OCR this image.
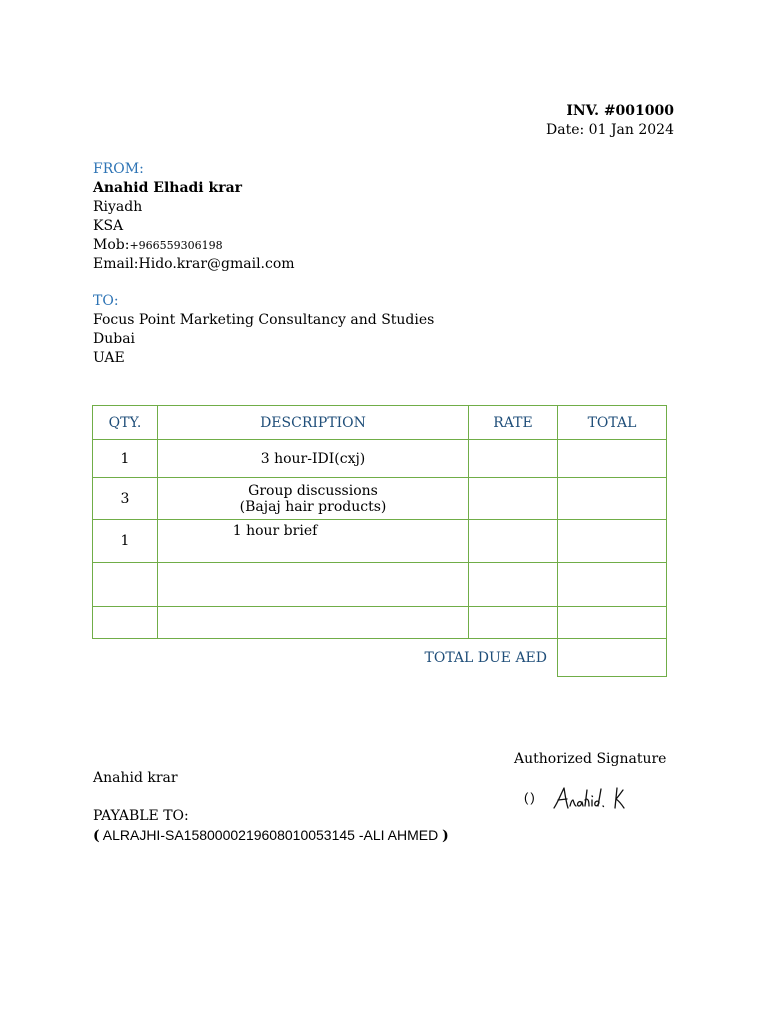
INV. #001000
Date: 01 Jan 2024
FROM:
Anahid Elhadi krar
Riyadh
KSA
Mob:+966559306198
Email:Hido.krar@gmail.com
TO:
Focus Point Marketing Consultancy and Studies
Dubai
UAE
QTY.	DESCRIPTION	RATE	TOTAL
1	3 hour-IDI(cxj)		
3	Group discussions
(Bajaj hair products)		

1	1 hour brief		

	TOTAL DUE AED		
Authorized Signature
()
Anahid krar
PAYABLE TO:
( ALRAJHI-SA1580000219608010053145 -ALI AHMED )
